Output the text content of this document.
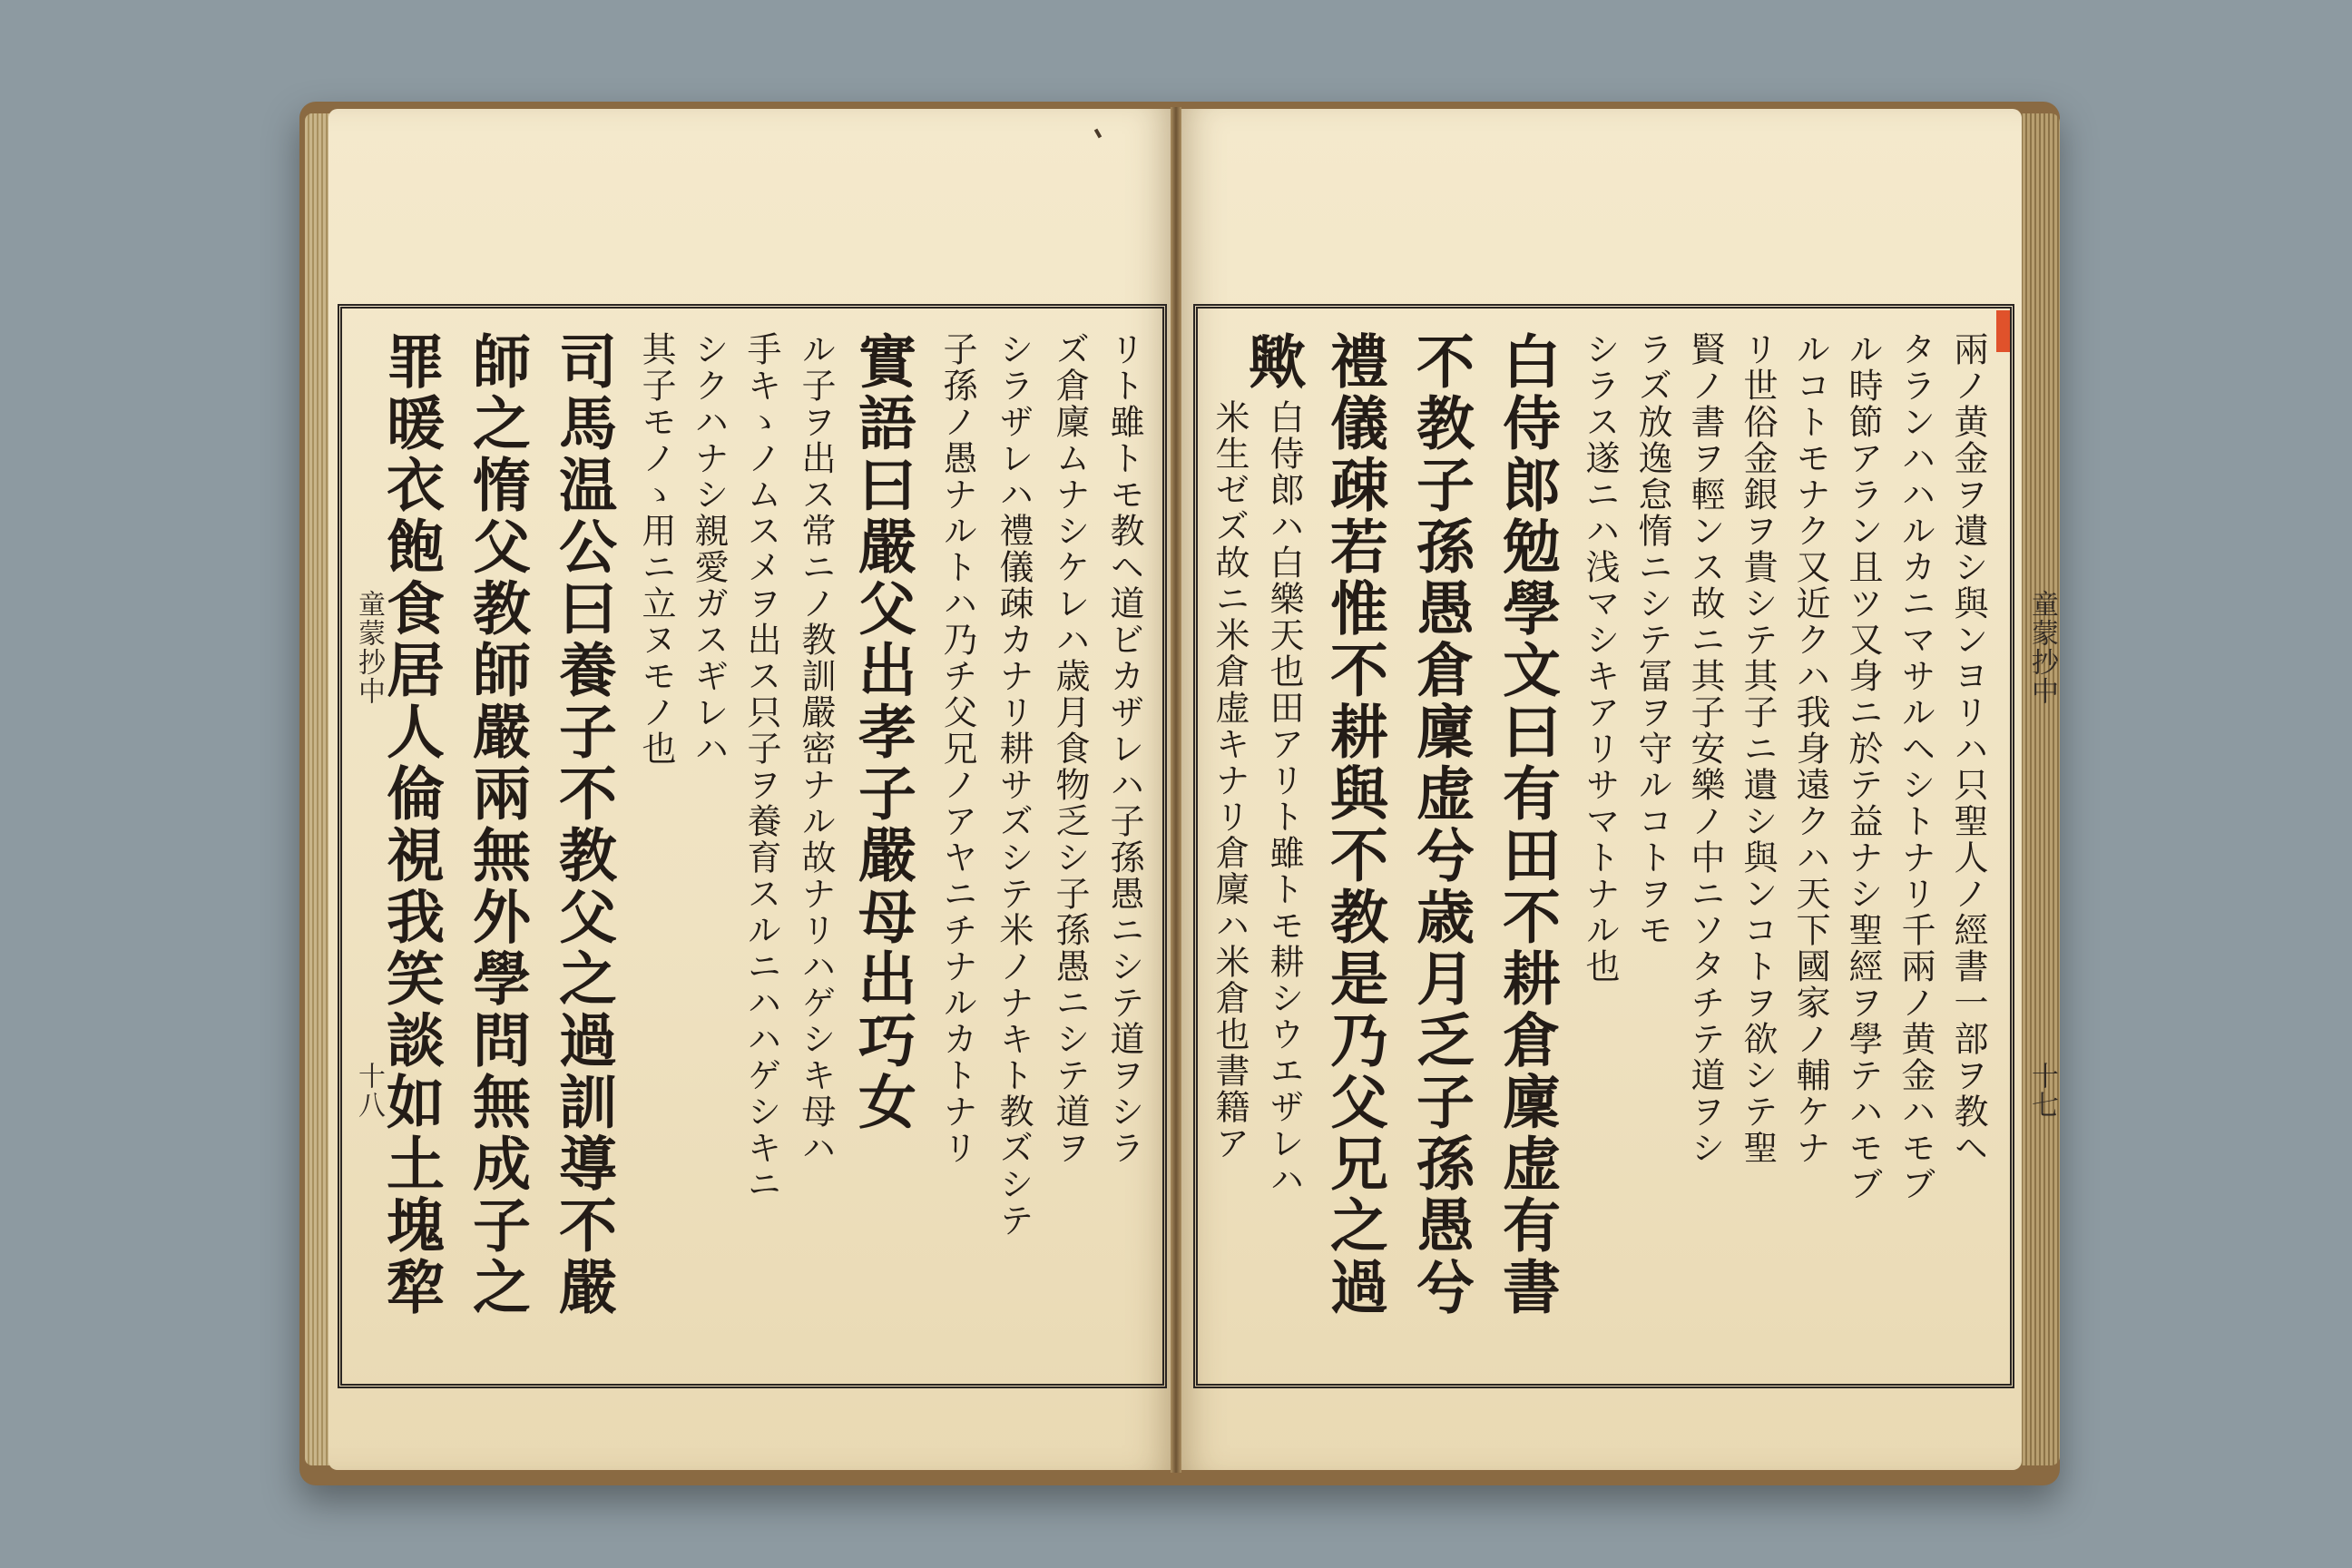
童蒙抄中
十八
童蒙抄中
十七
リト雖トモ教ヘ道ビカザレハ子孫愚ニシテ道ヲシラ
ズ倉廩ムナシケレハ歳月食物乏シ子孫愚ニシテ道ヲ
シラザレハ禮儀疎カナリ耕サズシテ米ノナキト教ズシテ
子孫ノ愚ナルトハ乃チ父兄ノアヤニチナルカトナリ
實語曰嚴父出孝子嚴母出巧女
ル子ヲ出ス常ニノ教訓嚴密ナル故ナリハゲシキ母ハ
手キゝノムスメヲ出ス只子ヲ養育スルニハハゲシキニ
シクハナシ親愛ガスギレハ
其子モノゝ用ニ立ヌモノ也
司馬温公曰養子不教父之過訓導不嚴
師之惰父教師嚴兩無外學問無成子之
罪暖衣飽食居人倫視我笑談如土塊犂	兩ノ黄金ヲ遺シ與ンヨリハ只聖人ノ經書一部ヲ教ヘ
タランハハルカニマサルヘシトナリ千兩ノ黄金ハモブ
ル時節アラン且ツ又身ニ於テ益ナシ聖經ヲ學テハモブ
ルコトモナク又近クハ我身遠クハ天下國家ノ輔ケナ
リ世俗金銀ヲ貴シテ其子ニ遺シ與ンコトヲ欲シテ聖
賢ノ書ヲ輕ンス故ニ其子安樂ノ中ニソタチテ道ヲシ
ラズ放逸怠惰ニシテ冨ヲ守ルコトヲモ
シラス遂ニハ浅マシキアリサマトナル也
白侍郎勉學文曰有田不耕倉廩虚有書
不教子孫愚倉廩虚兮歳月乏子孫愚兮
禮儀疎若惟不耕與不教是乃父兄之過
歟
白侍郎ハ白樂天也田アリト雖トモ耕シウエザレハ
米生ゼズ故ニ米倉虚キナリ倉廩ハ米倉也書籍ア
